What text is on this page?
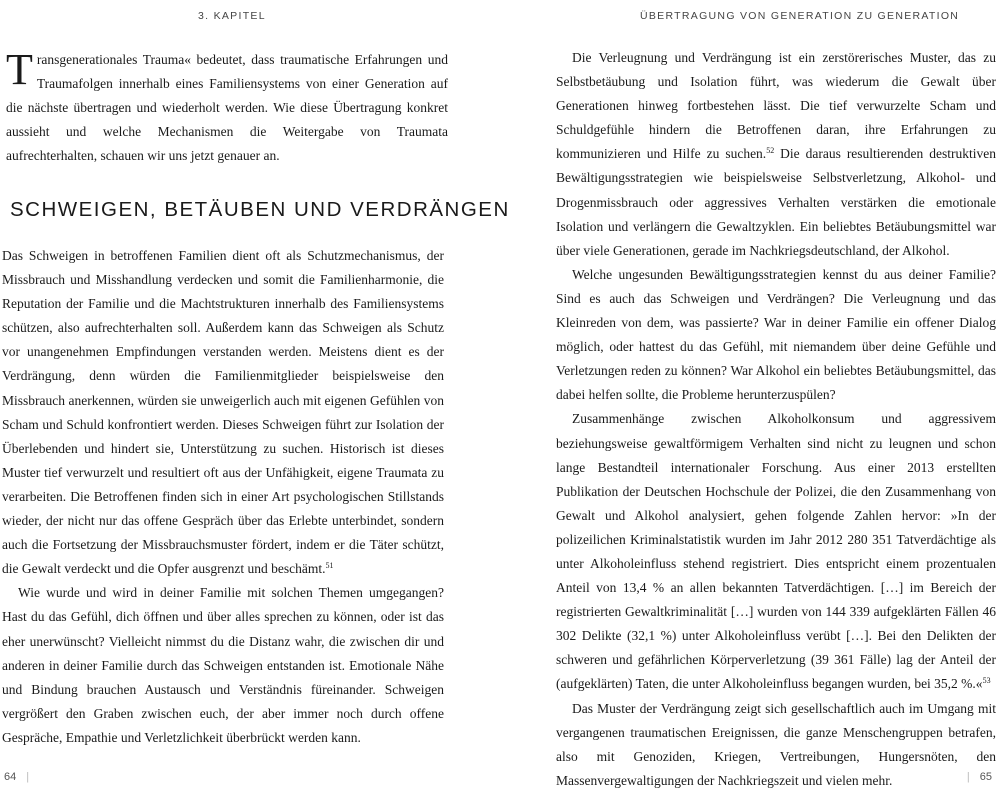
3. KAPITEL

Transgenerationales Trauma« bedeutet, dass traumatische Erfahrungen und Traumafolgen innerhalb eines Familiensystems von einer Generation auf die nächste übertragen und wiederholt werden. Wie diese Übertragung konkret aussieht und welche Mechanismen die Weitergabe von Traumata aufrechterhalten, schauen wir uns jetzt genauer an.

SCHWEIGEN, BETÄUBEN UND VERDRÄNGEN

Das Schweigen in betroffenen Familien dient oft als Schutzmechanismus, der Missbrauch und Misshandlung verdecken und somit die Familienharmonie, die Reputation der Familie und die Machtstrukturen innerhalb des Familiensystems schützen, also aufrechterhalten soll. Außerdem kann das Schweigen als Schutz vor unangenehmen Empfindungen verstanden werden. Meistens dient es der Verdrängung, denn würden die Familienmitglieder beispielsweise den Missbrauch anerkennen, würden sie unweigerlich auch mit eigenen Gefühlen von Scham und Schuld konfrontiert werden. Dieses Schweigen führt zur Isolation der Überlebenden und hindert sie, Unterstützung zu suchen. Historisch ist dieses Muster tief verwurzelt und resultiert oft aus der Unfähigkeit, eigene Traumata zu verarbeiten. Die Betroffenen finden sich in einer Art psychologischen Stillstands wieder, der nicht nur das offene Gespräch über das Erlebte unterbindet, sondern auch die Fortsetzung der Missbrauchsmuster fördert, indem er die Täter schützt, die Gewalt verdeckt und die Opfer ausgrenzt und beschämt.$^{51}$

Wie wurde und wird in deiner Familie mit solchen Themen umgegangen? Hast du das Gefühl, dich öffnen und über alles sprechen zu können, oder ist das eher unerwünscht? Vielleicht nimmst du die Distanz wahr, die zwischen dir und anderen in deiner Familie durch das Schweigen entstanden ist. Emotionale Nähe und Bindung brauchen Austausch und Verständnis füreinander. Schweigen vergrößert den Graben zwischen euch, der aber immer noch durch offene Gespräche, Empathie und Verletzlichkeit überbrückt werden kann.

64 |
ÜBERTRAGUNG VON GENERATION ZU GENERATION

Die Verleugnung und Verdrängung ist ein zerstörerisches Muster, das zu Selbstbetäubung und Isolation führt, was wiederum die Gewalt über Generationen hinweg fortbestehen lässt. Die tief verwurzelte Scham und Schuldgefühle hindern die Betroffenen daran, ihre Erfahrungen zu kommunizieren und Hilfe zu suchen.$^{52}$ Die daraus resultierenden destruktiven Bewältigungsstrategien wie beispielsweise Selbstverletzung, Alkohol- und Drogenmissbrauch oder aggressives Verhalten verstärken die emotionale Isolation und verlängern die Gewaltzyklen. Ein beliebtes Betäubungsmittel war über viele Generationen, gerade im Nachkriegsdeutschland, der Alkohol.

Welche ungesunden Bewältigungsstrategien kennst du aus deiner Familie? Sind es auch das Schweigen und Verdrängen? Die Verleugnung und das Kleinreden von dem, was passierte? War in deiner Familie ein offener Dialog möglich, oder hattest du das Gefühl, mit niemandem über deine Gefühle und Verletzungen reden zu können? War Alkohol ein beliebtes Betäubungsmittel, das dabei helfen sollte, die Probleme herunterzuspülen?

Zusammenhänge zwischen Alkoholkonsum und aggressivem beziehungsweise gewaltförmigem Verhalten sind nicht zu leugnen und schon lange Bestandteil internationaler Forschung. Aus einer 2013 erstellten Publikation der Deutschen Hochschule der Polizei, die den Zusammenhang von Gewalt und Alkohol analysiert, gehen folgende Zahlen hervor: »In der polizeilichen Kriminalstatistik wurden im Jahr 2012 280 351 Tatverdächtige als unter Alkoholeinfluss stehend registriert. Dies entspricht einem prozentualen Anteil von 13,4 % an allen bekannten Tatverdächtigen. […] im Bereich der registrierten Gewaltkriminalität […] wurden von 144 339 aufgeklärten Fällen 46 302 Delikte (32,1 %) unter Alkoholeinfluss verübt […]. Bei den Delikten der schweren und gefährlichen Körperverletzung (39 361 Fälle) lag der Anteil der (aufgeklärten) Taten, die unter Alkoholeinfluss begangen wurden, bei 35,2 %.«$^{53}$

Das Muster der Verdrängung zeigt sich gesellschaftlich auch im Umgang mit vergangenen traumatischen Ereignissen, die ganze Menschengruppen betrafen, also mit Genoziden, Kriegen, Vertreibungen, Hungersnöten, den Massenvergewaltigungen der Nachkriegszeit und vielen mehr.	| 65
